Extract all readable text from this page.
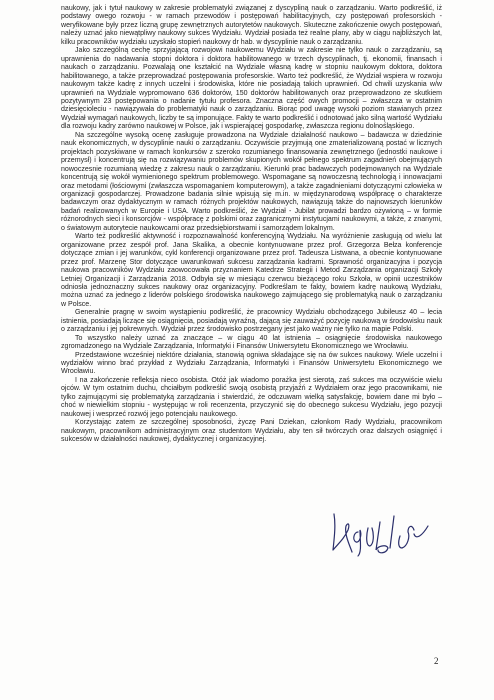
naukowy, jak i tytuł naukowy w zakresie problematyki związanej z dyscypliną nauk o zarządzaniu. Warto podkreślić, iż podstawy owego rozwoju - w ramach przewodów i postępowań habilitacyjnych, czy postępowań profesorskich - weryfikowane były przez liczną grupę zewnętrznych autorytetów naukowych. Skuteczne zakończenie owych postępowań, należy uznać jako niewątpliwy naukowy sukces Wydziału. Wydział posiada też realne plany, aby w ciągu najbliższych lat, kilku pracowników wydziału uzyskało stopień naukowy dr hab. w dyscyplinie nauk o zarządzaniu.

Jako szczególną cechę sprzyjającą rozwojowi naukowemu Wydziału w zakresie nie tylko nauk o zarządzaniu, są uprawnienia do nadawania stopni doktora i doktora habilitowanego w trzech dyscyplinach, tj. ekonomii, finansach i naukach o zarządzaniu. Pozwalają one kształcić na Wydziale własną kadrę w stopniu naukowym doktora, doktora habilitowanego, a także przeprowadzać postępowania profesorskie. Warto też podkreślić, że Wydział wspiera w rozwoju naukowym także kadrę z innych uczelni i środowiska, które nie posiadają takich uprawnień. Od chwili uzyskania w/w uprawnień na Wydziale wypromowano 636 doktorów, 150 doktorów habilitowanych oraz przeprowadzono ze skutkiem pozytywnym 23 postępowania o nadanie tytułu profesora. Znaczna część owych promocji – zwłaszcza w ostatnim dziesięcioleciu - nawiązywała do problematyki nauk o zarządzaniu. Biorąc pod uwagę wysoki poziom stawianych przez Wydział wymagań naukowych, liczby te są imponujące. Fakty te warto podkreślić i odnotować jako silną wartość Wydziału dla rozwoju kadry zarówno naukowej w Polsce, jak i wspierającej gospodarkę, zwłaszcza regionu dolnośląskiego.

Na szczególne wysoką ocenę zasługuje prowadzona na Wydziale działalność naukowo – badawcza w dziedzinie nauk ekonomicznych, w dyscyplinie nauki o zarządzaniu. Oczywiście przyjmują one zmaterializowaną postać w licznych projektach pozyskiwane w ramach konkursów z szeroko rozumianego finansowania zewnętrznego (jednostki naukowe i przemysł) i koncentrują się na rozwiązywaniu problemów skupionych wokół pełnego spektrum zagadnień obejmujących nowoczesnie rozumianą wiedzę z zakresu nauk o zarządzaniu. Kierunki prac badawczych podejmowanych na Wydziale koncentrują się wokół wymienionego spektrum problemowego. Wspomagane są nowoczesną technologią i innowacjami oraz metodami (łościowymi (zwłaszcza wspomaganiem komputerowym), a także zagadnieniami dotyczącymi człowieka w organizacji gospodarczej. Prowadzone badania silnie wpisują się m.in. w międzynarodową współpracę o charakterze badawczym oraz dydaktycznym w ramach różnych projektów naukowych, nawiązują także do najnowszych kierunków badań realizowanych w Europie i USA. Warto podkreślić, że Wydział - Jubilat prowadzi bardzo ożywioną – w formie różnorodnych sieci i konsorcjów - współpracę z polskimi oraz zagranicznymi instytucjami naukowymi, a także, z znanymi, o światowym autorytecie naukowcami oraz przedsiębiorstwami i samorządem lokalnym.

Warto też podkreślić aktywność i rozpoznawalność konferencyjną Wydziału. Na wyróżnienie zasługują od wielu lat organizowane przez zespół prof. Jana Skalika, a obecnie kontynuowane przez prof. Grzegorza Bełza konferencje dotyczące zmian i jej warunków, cykl konferencji organizowane przez prof. Tadeusza Listwana, a obecnie kontynuowane przez prof. Marzenę Stor dotyczące uwarunkowań sukcesu zarządzania kadrami. Sprawność organizacyjna i pozycja naukowa pracowników Wydziału zaowocowała przyznaniem Katedrze Strategii i Metod Zarządzania organizacji Szkoły Letniej Organizacji i Zarządzania 2018. Odbyła się w miesiącu czerwcu bieżącego roku Szkoła, w opinii uczestników odniosła jednoznaczny sukces naukowy oraz organizacyjny. Podkreślam te fakty, bowiem kadrę naukową Wydziału, można uznać za jednego z liderów polskiego środowiska naukowego zajmującego się problematyką nauk o zarządzaniu w Polsce.

Generalnie pragnę w swoim wystąpieniu podkreślić, że pracownicy Wydziału obchodzącego Jubileusz 40 – lecia istnienia, posiadają liczące się osiągnięcia, posiadają wyraźną, dającą się zauważyć pozycję naukową w środowisku nauk o zarządzaniu i jej pokrewnych. Wydział przez środowisko postrzegany jest jako ważny nie tylko na mapie Polski.

To wszystko należy uznać za znaczące – w ciągu 40 lat istnienia – osiągnięcie środowiska naukowego zgromadzonego na Wydziale Zarządzania, Informatyki i Finansów Uniwersytetu Ekonomicznego we Wrocławiu.

Przedstawione wcześniej niektóre działania, stanowią ogniwa składające się na ów sukces naukowy. Wiele uczelni i wydziałów winno brać przykład z Wydziału Zarządzania, Informatyki i Finansów Uniwersytetu Ekonomicznego we Wrocławiu.

I na zakończenie refleksja nieco osobista. Otóż jak wiadomo porażka jest sierotą, zaś sukces ma oczywiście wielu ojców. W tym ostatnim duchu, chciałbym podkreślić swoją osobistą przyjaźń z Wydziałem oraz jego pracownikami, nie tylko zajmującymi się problematyką zarządzania i stwierdzić, że odczuwam wielką satysfakcję, bowiem dane mi było – choć w niewielkim stopniu - występując w roli recenzenta, przyczynić się do obecnego sukcesu Wydziału, jego pozycji naukowej i wesprzeć rozwój jego potencjału naukowego.

Korzystając zatem ze szczególnej sposobności, życzę Pani Dziekan, członkom Rady Wydziału, pracownikom naukowym, pracownikom administracyjnym oraz studentom Wydziału, aby ten sił twórczych oraz dalszych osiągnięć i sukcesów w działalności naukowej, dydaktycznej i organizacyjnej.

2
